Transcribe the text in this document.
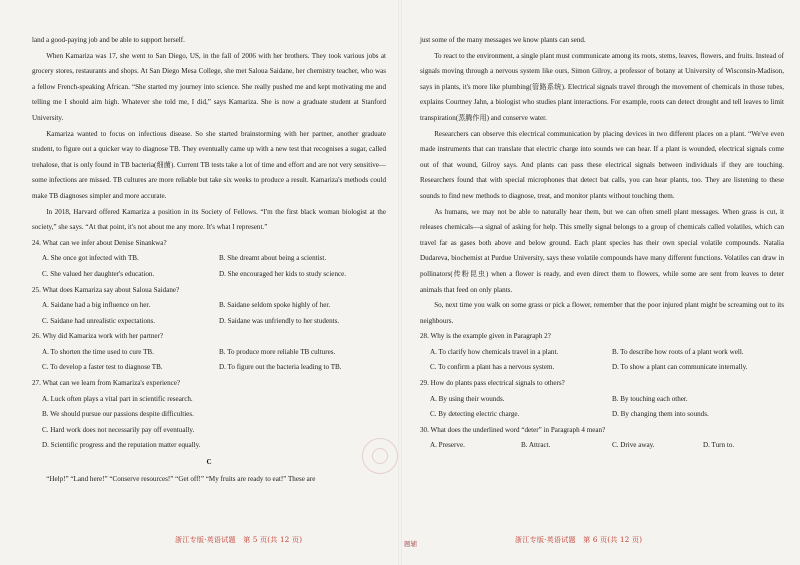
land a good-paying job and be able to support herself.

When Kamariza was 17, she went to San Diego, US, in the fall of 2006 with her brothers. They took various jobs at grocery stores, restaurants and shops. At San Diego Mesa College, she met Saloua Saidane, her chemistry teacher, who was a fellow French-speaking African. “She started my journey into science. She really pushed me and kept motivating me and telling me I should aim high. Whatever she told me, I did,” says Kamariza. She is now a graduate student at Stanford University.

Kamariza wanted to focus on infectious disease. So she started brainstorming with her partner, another graduate student, to figure out a quicker way to diagnose TB. They eventually came up with a new test that recognises a sugar, called trehalose, that is only found in TB bacteria(细菌). Current TB tests take a lot of time and effort and are not very sensitive—some infections are missed. TB cultures are more reliable but take six weeks to produce a result. Kamariza's methods could make TB diagnoses simpler and more accurate.

In 2018, Harvard offered Kamariza a position in its Society of Fellows. “I'm the first black woman biologist at the society,” she says. “At that point, it's not about me any more. It's what I represent.”

24. What can we infer about Denise Sinankwa?

A. She once got infected with TB.	B. She dreamt about being a scientist.
C. She valued her daughter's education.	D. She encouraged her kids to study science.

25. What does Kamariza say about Saloua Saidane?

A. Saidane had a big influence on her.	B. Saidane seldom spoke highly of her.
C. Saidane had unrealistic expectations.	D. Saidane was unfriendly to her students.

26. Why did Kamariza work with her partner?

A. To shorten the time used to cure TB.	B. To produce more reliable TB cultures.
C. To develop a faster test to diagnose TB.	D. To figure out the bacteria leading to TB.

27. What can we learn from Kamariza's experience?

A. Luck often plays a vital part in scientific research.

B. We should pursue our passions despite difficulties.

C. Hard work does not necessarily pay off eventually.

D. Scientific progress and the reputation matter equally.

C

“Help!” “Land here!” “Conserve resources!” “Get off!” “My fruits are ready to eat!” These are

just some of the many messages we know plants can send.

To react to the environment, a single plant must communicate among its roots, stems, leaves, flowers, and fruits. Instead of signals moving through a nervous system like ours, Simon Gilroy, a professor of botany at University of Wisconsin-Madison, says in plants, it's more like plumbing(管路系统). Electrical signals travel through the movement of chemicals in those tubes, explains Courtney Jahn, a biologist who studies plant interactions. For example, roots can detect drought and tell leaves to limit transpiration(蒸腾作用) and conserve water.

Researchers can observe this electrical communication by placing devices in two different places on a plant. “We've even made instruments that can translate that electric charge into sounds we can hear. If a plant is wounded, electrical signals come out of that wound, Gilroy says. And plants can pass these electrical signals between individuals if they are touching. Researchers found that with special microphones that detect bat calls, you can hear plants, too. They are listening to these sounds to find new methods to diagnose, treat, and monitor plants without touching them.

As humans, we may not be able to naturally hear them, but we can often smell plant messages. When grass is cut, it releases chemicals—a signal of asking for help. This smelly signal belongs to a group of chemicals called volatiles, which can travel far as gases both above and below ground. Each plant species has their own special volatile compounds. Natalia Dudareva, biochemist at Purdue University, says these volatile compounds have many different functions. Volatiles can draw in pollinators(传粉昆虫) when a flower is ready, and even direct them to flowers, while some are sent from leaves to deter animals that feed on only plants.

So, next time you walk on some grass or pick a flower, remember that the poor injured plant might be screaming out to its neighbours.

28. Why is the example given in Paragraph 2?

A. To clarify how chemicals travel in a plant.	B. To describe how roots of a plant work well.
C. To confirm a plant has a nervous system.	D. To show a plant can communicate internally.

29. How do plants pass electrical signals to others?

A. By using their wounds.	B. By touching each other.
C. By detecting electric charge.	D. By changing them into sounds.

30. What does the underlined word “deter” in Paragraph 4 mean?

A. Preserve.	B. Attract.	C. Drive away.	D. Turn to.
题辅
浙江专版·英语试题　第 5 页(共 12 页)	浙江专版·英语试题　第 6 页(共 12 页)
